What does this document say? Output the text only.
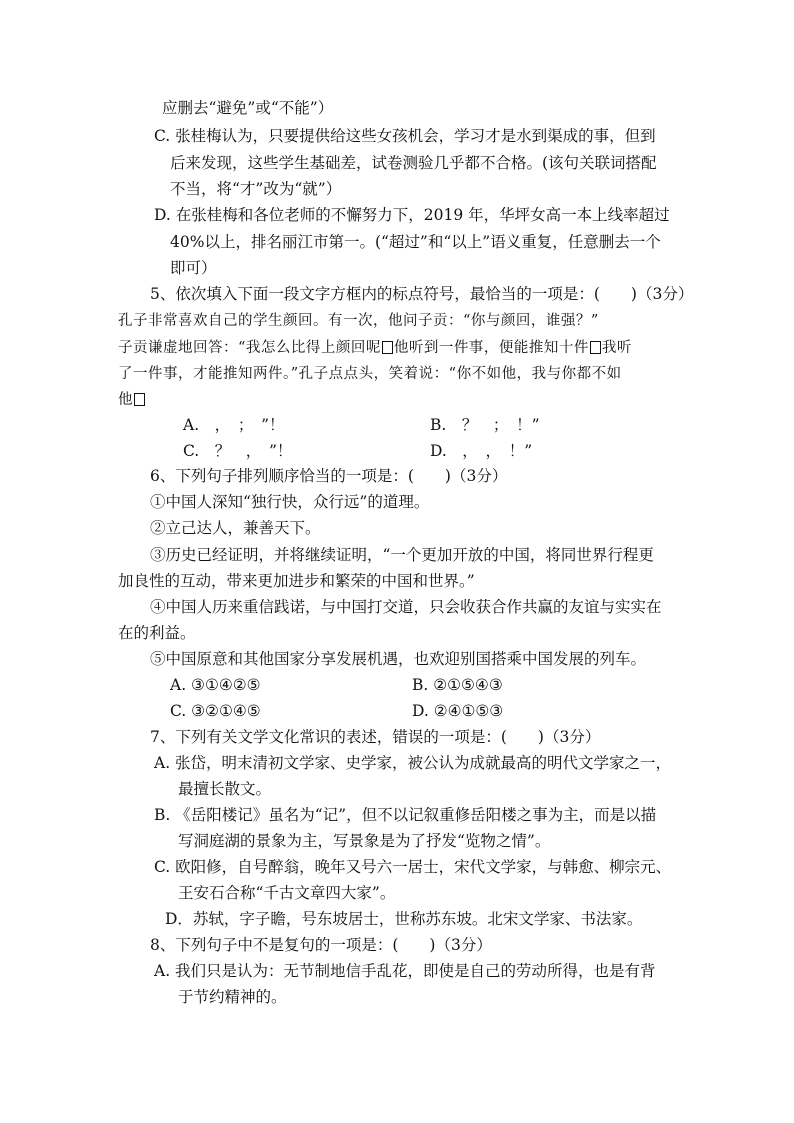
应删去“避免”或“不能”）
C. 张桂梅认为，只要提供给这些女孩机会，学习才是水到渠成的事，但到
后来发现，这些学生基础差，试卷测验几乎都不合格。(该句关联词搭配
不当，将“才”改为“就”）
D. 在张桂梅和各位老师的不懈努力下，2019 年，华坪女高一本上线率超过
40%以上，排名丽江市第一。(“超过”和“以上”语义重复，任意删去一个
即可）
5、依次填入下面一段文字方框内的标点符号，最恰当的一项是：(　　)（3分）
孔子非常喜欢自己的学生颜回。有一次，他问子贡：“你与颜回，谁强？”
子贡谦虚地回答：“我怎么比得上颜回呢 他听到一件事，便能推知十件 我听
了一件事，才能推知两件。”孔子点点头，笑着说：“你不如他，我与你都不如
他
A.　，　；　”！	B.　？　；　！”
C.　？　，　”！	D.　，　，　！”
6、下列句子排列顺序恰当的一项是：(　　)（3分）
①中国人深知“独行快，众行远”的道理。
②立己达人，兼善天下。
③历史已经证明，并将继续证明，“一个更加开放的中国，将同世界行程更
加良性的互动，带来更加进步和繁荣的中国和世界。”
④中国人历来重信践诺，与中国打交道，只会收获合作共赢的友谊与实实在
在的利益。
⑤中国原意和其他国家分享发展机遇，也欢迎别国搭乘中国发展的列车。
A. ③①④②⑤	B. ②①⑤④③
C. ③②①④⑤	D. ②④①⑤③
7、下列有关文学文化常识的表述，错误的一项是：(　　)（3分）
A. 张岱，明末清初文学家、史学家，被公认为成就最高的明代文学家之一，
最擅长散文。
B. 《岳阳楼记》虽名为“记”，但不以记叙重修岳阳楼之事为主，而是以描
写洞庭湖的景象为主，写景象是为了抒发“览物之情”。
C. 欧阳修，自号醉翁，晚年又号六一居士，宋代文学家，与韩愈、柳宗元、
王安石合称“千古文章四大家”。
D．苏轼，字子瞻，号东坡居士，世称苏东坡。北宋文学家、书法家。
8、下列句子中不是复句的一项是：(　　)（3分）
A. 我们只是认为：无节制地信手乱花，即使是自己的劳动所得，也是有背
于节约精神的。
